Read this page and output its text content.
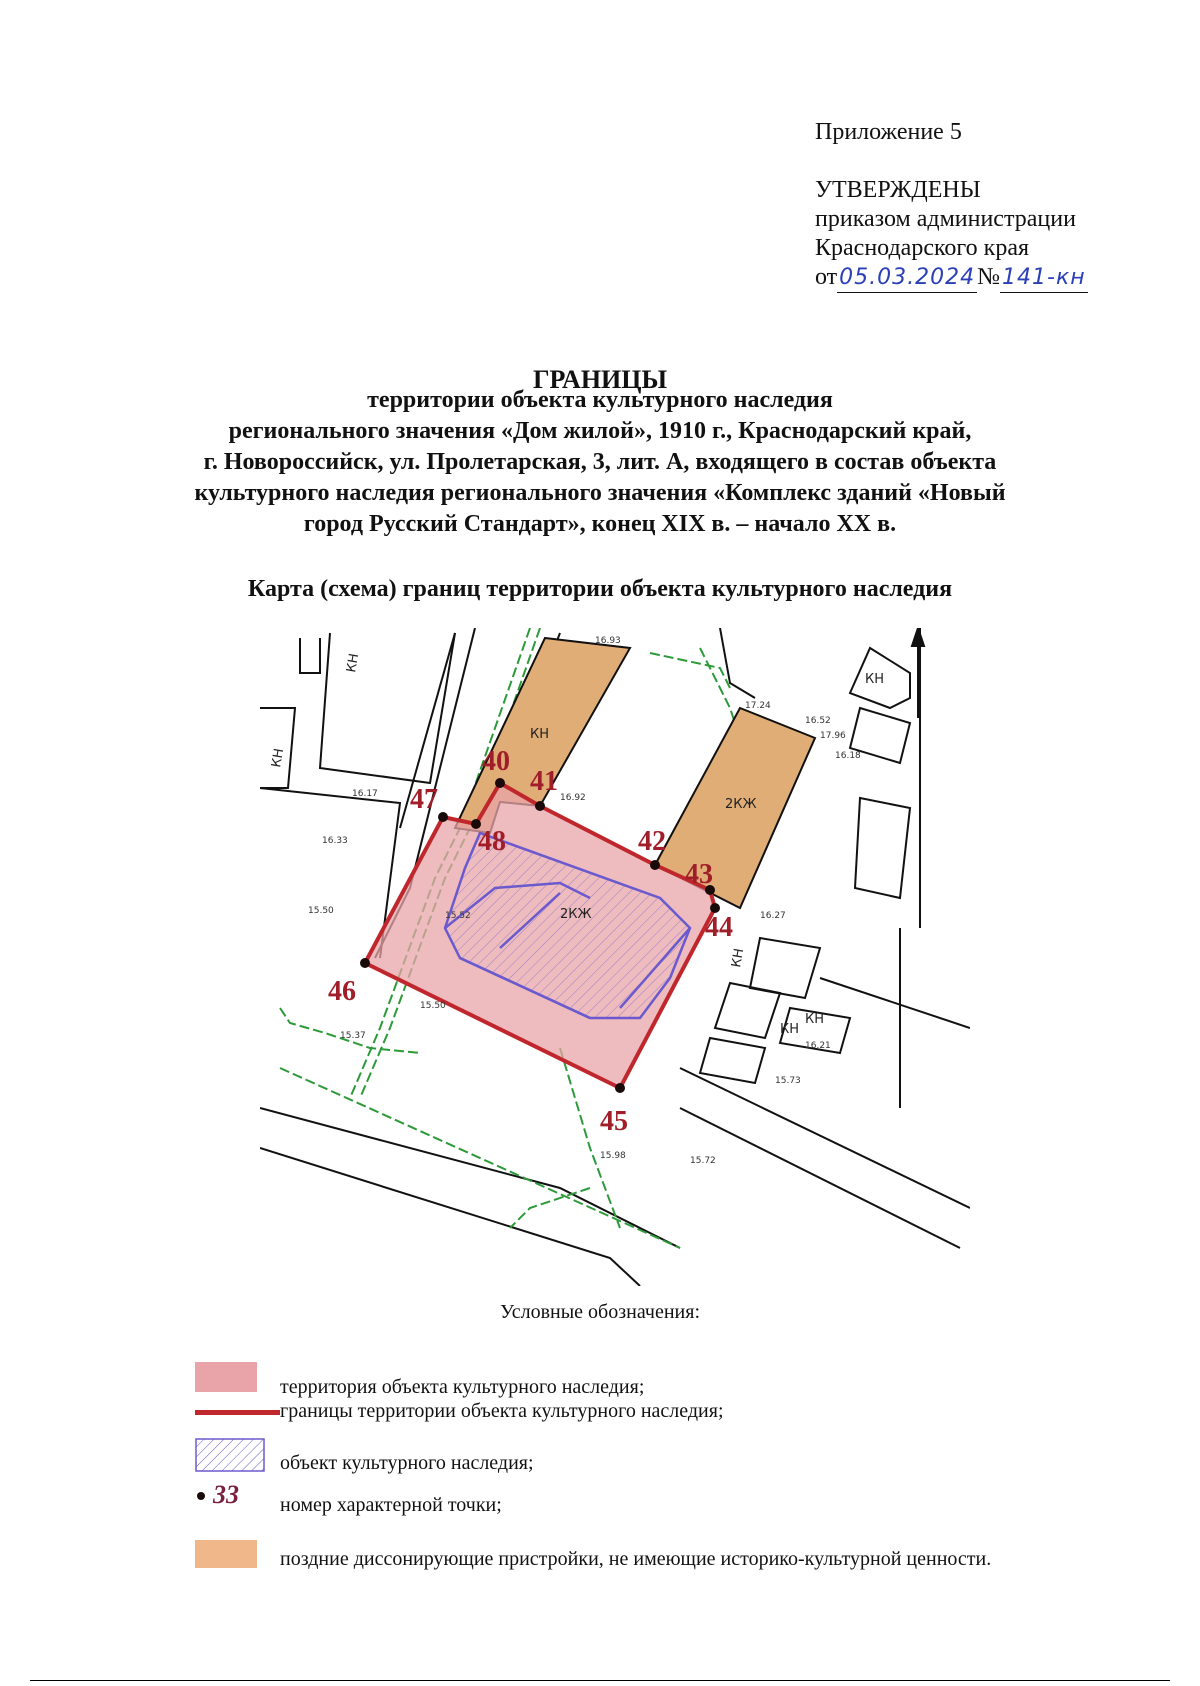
Приложение 5
УТВЕРЖДЕНЫ
приказом администрации
Краснодарского края
от05.03.2024№141-кн
ГРАНИЦЫ
территории объекта культурного наследия
регионального значения «Дом жилой», 1910 г., Краснодарский край,
г. Новороссийск, ул. Пролетарская, 3, лит. А, входящего в состав объекта
культурного наследия регионального значения «Комплекс зданий «Новый
город Русский Стандарт», конец XIX в. – начало XX в.
Карта (схема) границ территории объекта культурного наследия
40
41
42
43
44
45
46
47
48
КН
КН
КН
КН
КН
КН
2КЖ
2КЖ
КН
16.93
17.24
16.52
16.17
16.33
16.92
16.27
15.52
15.50
15.37
15.73
16.21
15.98	15.72
15.50
16.18
17.96
Условные обозначения:
территория объекта культурного наследия;
границы территории объекта культурного наследия;
объект культурного наследия;
33 номер характерной точки;
поздние диссонирующие пристройки, не имеющие историко-культурной ценности.
